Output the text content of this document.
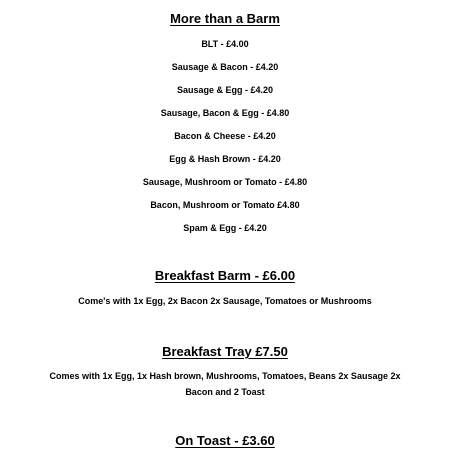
More than a Barm
BLT - £4.00
Sausage & Bacon - £4.20
Sausage & Egg - £4.20
Sausage, Bacon & Egg - £4.80
Bacon & Cheese - £4.20
Egg & Hash Brown - £4.20
Sausage, Mushroom or Tomato - £4.80
Bacon, Mushroom or Tomato £4.80
Spam & Egg - £4.20
Breakfast Barm - £6.00
Come's with 1x Egg, 2x Bacon 2x Sausage, Tomatoes or Mushrooms
Breakfast Tray £7.50
Comes with 1x Egg, 1x Hash brown, Mushrooms, Tomatoes, Beans 2x Sausage 2x
Bacon and 2 Toast
On Toast - £3.60
